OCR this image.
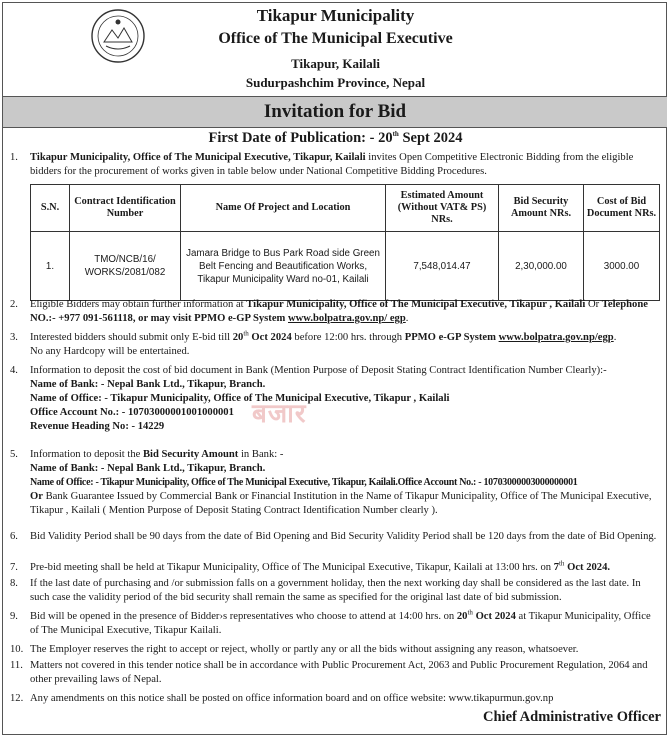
Tikapur Municipality
Office of The Municipal Executive
Tikapur, Kailali
Sudurpashchim Province, Nepal
Invitation for Bid
First Date of Publication: - 20th Sept 2024
1. Tikapur Municipality, Office of The Municipal Executive, Tikapur, Kailali invites Open Competitive Electronic Bidding from the eligible bidders for the procurement of works given in table below under National Competitive Bidding Procedures.
S.N.	Contract Identification Number	Name Of Project and Location	Estimated Amount (Without VAT& PS) NRs.	Bid Security Amount NRs.	Cost of Bid Document NRs.
1.	TMO/NCB/16/ WORKS/2081/082	Jamara Bridge to Bus Park Road side Green Belt Fencing and Beautification Works, Tikapur Municipality Ward no-01, Kailali	7,548,014.47	2,30,000.00	3000.00
2. Eligible Bidders may obtain further information at Tikapur Municipality, Office of The Municipal Executive, Tikapur , Kailali Or Telephone NO.:- +977 091-561118, or may visit PPMO e-GP System www.bolpatra.gov.np/ egp.
3. Interested bidders should submit only E-bid till 20th Oct 2024 before 12:00 hrs. through PPMO e-GP System www.bolpatra.gov.np/egp.
No any Hardcopy will be entertained.
4. Information to deposit the cost of bid document in Bank (Mention Purpose of Deposit Stating Contract Identification Number Clearly):-
Name of Bank: - Nepal Bank Ltd., Tikapur, Branch.
Name of Office: - Tikapur Municipality, Office of The Municipal Executive, Tikapur , Kailali
Office Account No.: - 10703000001001000001
Revenue Heading No: - 14229	बजार
5. Information to deposit the Bid Security Amount in Bank: -
Name of Bank: - Nepal Bank Ltd., Tikapur, Branch.
Name of Office: - Tikapur Municipality, Office of The Municipal Executive, Tikapur, Kailali.Office Account No.: - 10703000003000000001
Or Bank Guarantee Issued by Commercial Bank or Financial Institution in the Name of Tikapur Municipality, Office of The Municipal Executive, Tikapur , Kailali ( Mention Purpose of Deposit Stating Contract Identification Number clearly ).
6. Bid Validity Period shall be 90 days from the date of Bid Opening and Bid Security Validity Period shall be 120 days from the date of Bid Opening.
7. Pre-bid meeting shall be held at Tikapur Municipality, Office of The Municipal Executive, Tikapur, Kailali at 13:00 hrs. on 7th Oct 2024.
8. If the last date of purchasing and /or submission falls on a government holiday, then the next working day shall be considered as the last date. In such case the validity period of the bid security shall remain the same as specified for the original last date of bid submission.
9. Bid will be opened in the presence of Bidder›s representatives who choose to attend at 14:00 hrs. on 20th Oct 2024 at Tikapur Municipality, Office of The Municipal Executive, Tikapur Kailali.
10. The Employer reserves the right to accept or reject, wholly or partly any or all the bids without assigning any reason, whatsoever.
11. Matters not covered in this tender notice shall be in accordance with Public Procurement Act, 2063 and Public Procurement Regulation, 2064 and other prevailing laws of Nepal.
12. Any amendments on this notice shall be posted on office information board and on office website: www.tikapurmun.gov.np
Chief Administrative Officer
